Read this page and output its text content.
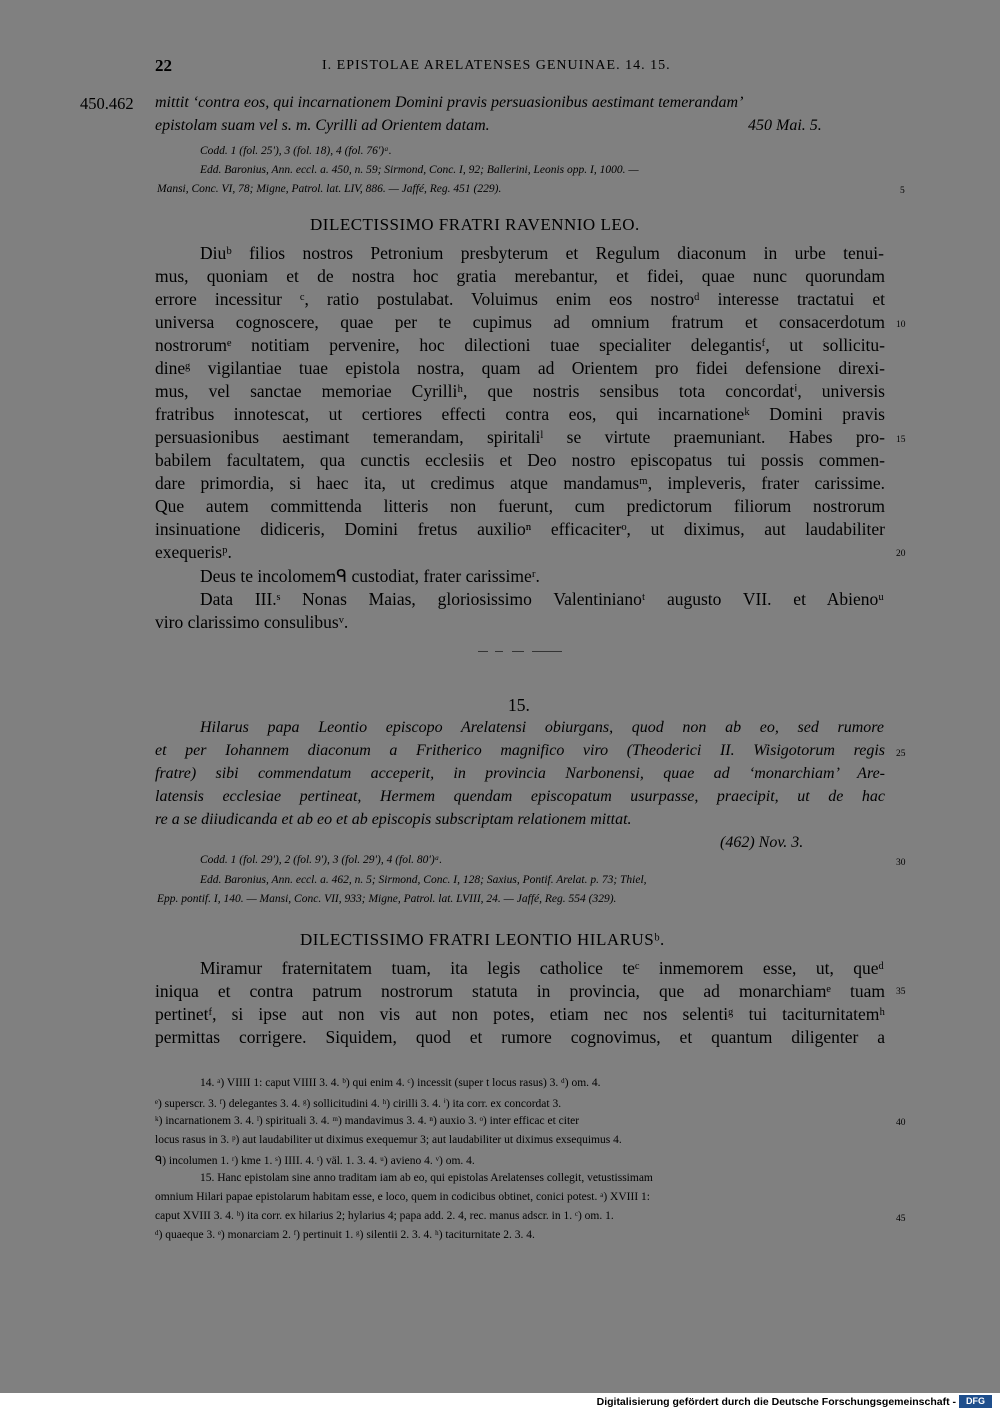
22	I. EPISTOLAE ARELATENSES GENUINAE. 14. 15.
450.462 mittit ‘contra eos, qui incarnationem Domini pravis persuasionibus aestimant temerandam’
epistolam suam vel s. m. Cyrilli ad Orientem datam.	450 Mai. 5.
Codd. 1 (fol. 25'), 3 (fol. 18), 4 (fol. 76')ᵃ.
Edd. Baronius, Ann. eccl. a. 450, n. 59; Sirmond, Conc. I, 92; Ballerini, Leonis opp. I, 1000. —
Mansi, Conc. VI, 78; Migne, Patrol. lat. LIV, 886. — Jaffé, Reg. 451 (229).	5
DILECTISSIMO FRATRI RAVENNIO LEO.
Diuᵇ filios nostros Petronium presbyterum et Regulum diaconum in urbe tenui-
mus, quoniam et de nostra hoc gratia merebantur, et fidei, quae nunc quorundam
errore incessitur ᶜ, ratio postulabat. Voluimus enim eos nostroᵈ interesse tractatui et
universa cognoscere, quae per te cupimus ad omnium fratrum et consacerdotum
nostrorumᵉ notitiam pervenire, hoc dilectioni tuae specialiter delegantisᶠ, ut sollicitu-
dineᵍ vigilantiae tuae epistola nostra, quam ad Orientem pro fidei defensione direxi-
mus, vel sanctae memoriae Cyrilliʰ, que nostris sensibus tota concordatⁱ, universis
fratribus innotescat, ut certiores effecti contra eos, qui incarnationeᵏ Domini pravis
persuasionibus aestimant temerandam, spiritaliˡ se virtute praemuniant. Habes pro-
babilem facultatem, qua cunctis ecclesiis et Deo nostro episcopatus tui possis commen-
dare primordia, si haec ita, ut credimus atque mandamusᵐ, impleveris, frater carissime.
Que autem committenda litteris non fuerunt, cum predictorum filiorum nostrorum
insinuatione didiceris, Domini fretus auxilioⁿ efficaciterᵒ, ut diximus, aut laudabiliter
exequerisᵖ.
10
15
20
Deus te incolomemᑫ custodiat, frater carissimeʳ.
Data III.ˢ Nonas Maias, gloriosissimo Valentinianoᵗ augusto VII. et Abienoᵘ
viro clarissimo consulibusᵛ.
15.
Hilarus papa Leontio episcopo Arelatensi obiurgans, quod non ab eo, sed rumore
et per Iohannem diaconum a Fritherico magnifico viro (Theoderici II. Wisigotorum regis
fratre) sibi commendatum acceperit, in provincia Narbonensi, quae ad ‘monarchiam’ Are-
latensis ecclesiae pertineat, Hermem quendam episcopatum usurpasse, praecipit, ut de hac
re a se diiudicanda et ab eo et ab episcopis subscriptam relationem mittat.
25
(462) Nov. 3.
Codd. 1 (fol. 29'), 2 (fol. 9'), 3 (fol. 29'), 4 (fol. 80')ᵃ.	30
Edd. Baronius, Ann. eccl. a. 462, n. 5; Sirmond, Conc. I, 128; Saxius, Pontif. Arelat. p. 73; Thiel,
Epp. pontif. I, 140. — Mansi, Conc. VII, 933; Migne, Patrol. lat. LVIII, 24. — Jaffé, Reg. 554 (329).
DILECTISSIMO FRATRI LEONTIO HILARUSᵇ.
Miramur fraternitatem tuam, ita legis catholice teᶜ inmemorem esse, ut, queᵈ
iniqua et contra patrum nostrorum statuta in provincia, que ad monarchiamᵉ tuam
pertinetᶠ, si ipse aut non vis aut non potes, etiam nec nos selentiᵍ tui taciturnitatemʰ
permittas corrigere. Siquidem, quod et rumore cognovimus, et quantum diligenter a
35
14. ᵃ) VIIII 1: caput VIIII 3. 4. ᵇ) qui enim 4. ᶜ) incessit (super t locus rasus) 3. ᵈ) om. 4.
ᵉ) superscr. 3. ᶠ) delegantes 3. 4. ᵍ) sollicitudini 4. ʰ) cirilli 3. 4. ⁱ) ita corr. ex concordat 3.
ᵏ) incarnationem 3. 4. ˡ) spirituali 3. 4. ᵐ) mandavimus 3. 4. ⁿ) auxio 3. ᵒ) inter efficac et citer
locus rasus in 3. ᵖ) aut laudabiliter ut diximus exequemur 3; aut laudabiliter ut diximus exsequimus 4.
ᑫ) incolumen 1. ʳ) kme 1. ˢ) IIII. 4. ᵗ) väl. 1. 3. 4. ᵘ) avieno 4. ᵛ) om. 4.
40
15. Hanc epistolam sine anno traditam iam ab eo, qui epistolas Arelatenses collegit, vetustissimam
omnium Hilari papae epistolarum habitam esse, e loco, quem in codicibus obtinet, conici potest. ᵃ) XVIII 1:
caput XVIII 3. 4. ᵇ) ita corr. ex hilarius 2; hylarius 4; papa add. 2. 4, rec. manus adscr. in 1. ᶜ) om. 1.
ᵈ) quaeque 3. ᵉ) monarciam 2. ᶠ) pertinuit 1. ᵍ) silentii 2. 3. 4. ʰ) taciturnitate 2. 3. 4.
45
Digitalisierung gefördert durch die Deutsche Forschungsgemeinschaft -	DFG
